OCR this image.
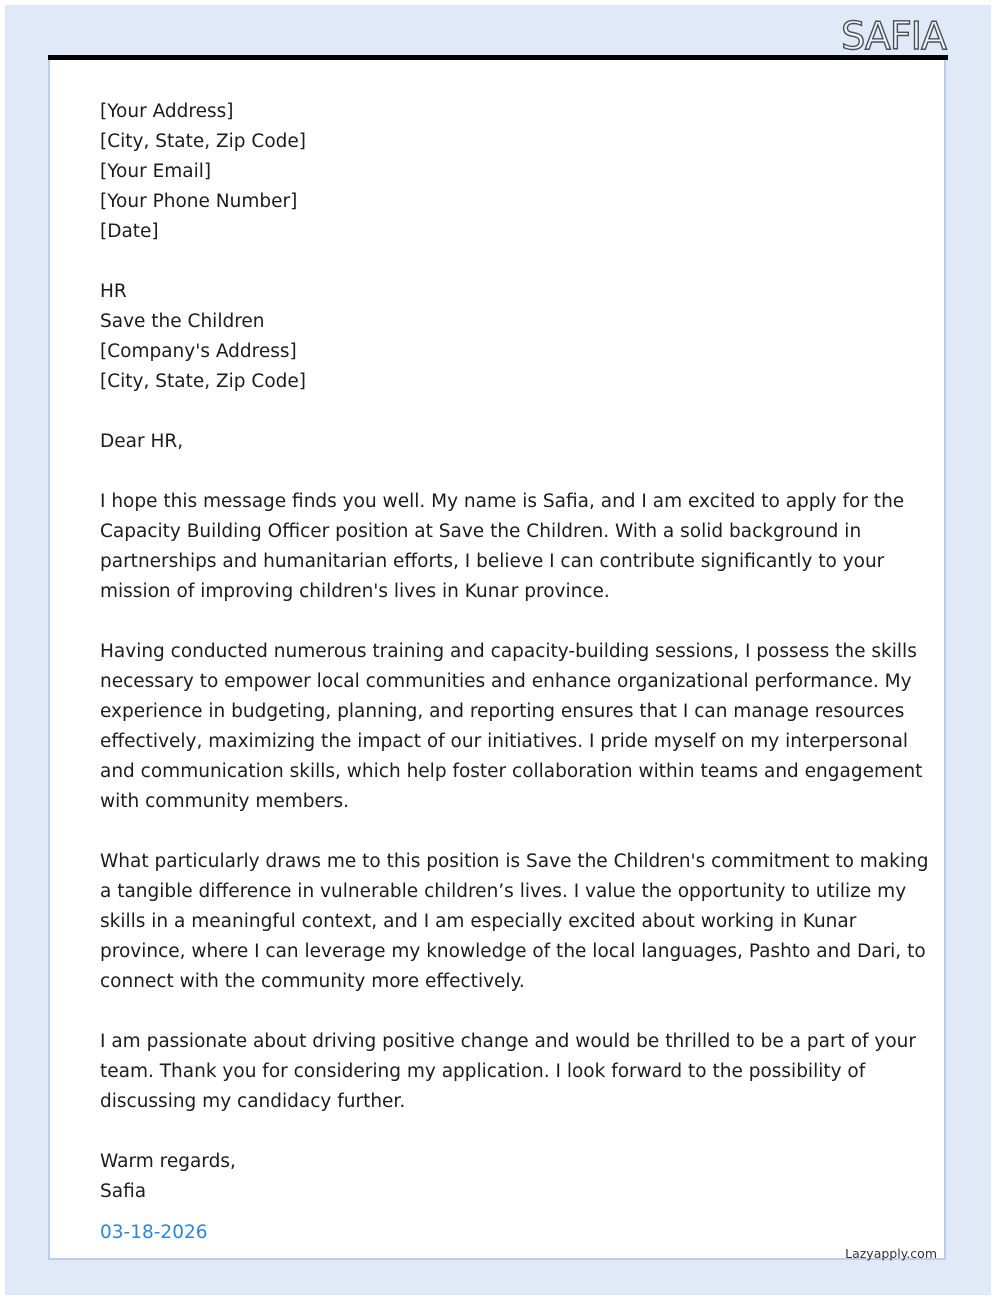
SAFIA
[Your Address]
[City, State, Zip Code]
[Your Email]
[Your Phone Number]
[Date]
HR
Save the Children
[Company's Address]
[City, State, Zip Code]
Dear HR,
I hope this message finds you well. My name is Safia, and I am excited to apply for the
Capacity Building Officer position at Save the Children. With a solid background in
partnerships and humanitarian efforts, I believe I can contribute significantly to your
mission of improving children's lives in Kunar province.
Having conducted numerous training and capacity-building sessions, I possess the skills
necessary to empower local communities and enhance organizational performance. My
experience in budgeting, planning, and reporting ensures that I can manage resources
effectively, maximizing the impact of our initiatives. I pride myself on my interpersonal
and communication skills, which help foster collaboration within teams and engagement
with community members.
What particularly draws me to this position is Save the Children's commitment to making
a tangible difference in vulnerable children’s lives. I value the opportunity to utilize my
skills in a meaningful context, and I am especially excited about working in Kunar
province, where I can leverage my knowledge of the local languages, Pashto and Dari, to
connect with the community more effectively.
I am passionate about driving positive change and would be thrilled to be a part of your
team. Thank you for considering my application. I look forward to the possibility of
discussing my candidacy further.
Warm regards,
Safia
03-18-2026
Lazyapply.com
